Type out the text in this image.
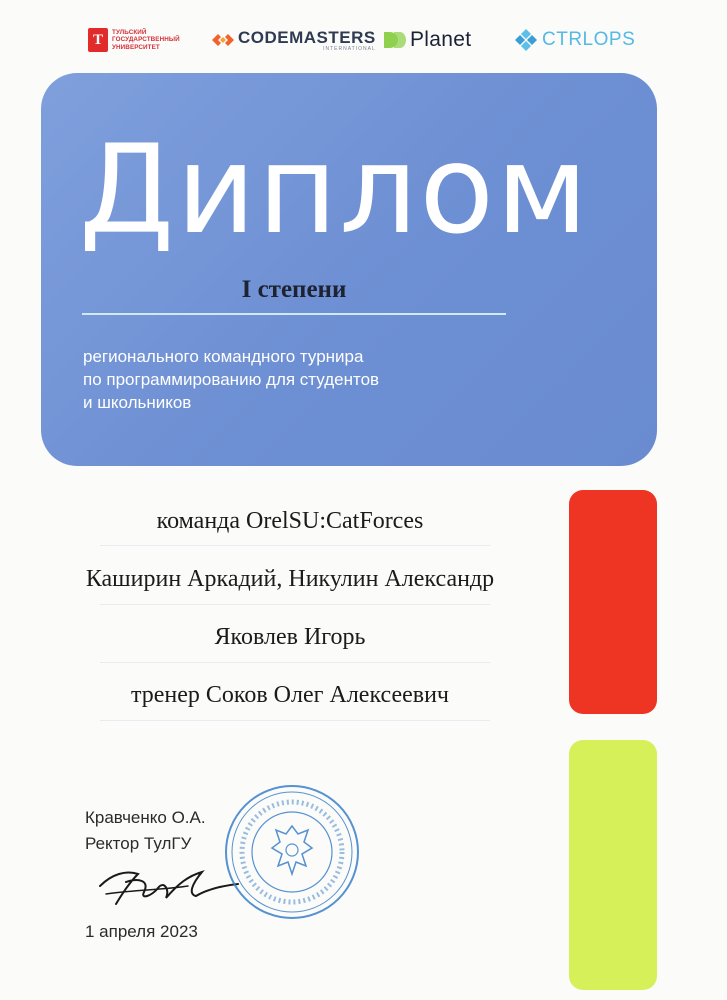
Т ТУЛЬСКИЙ
ГОСУДАРСТВЕННЫЙ
УНИВЕРСИТЕТ
CODEMASTERS
INTERNATIONAL Planet	CTRLOPS
Диплом
I степени
регионального командного турнира
по программированию для студентов
и школьников
команда OrelSU:CatForces
Каширин Аркадий, Никулин Александр
Яковлев Игорь
тренер Соков Олег Алексеевич
Кравченко О.А.
Ректор ТулГУ
1 апреля 2023
